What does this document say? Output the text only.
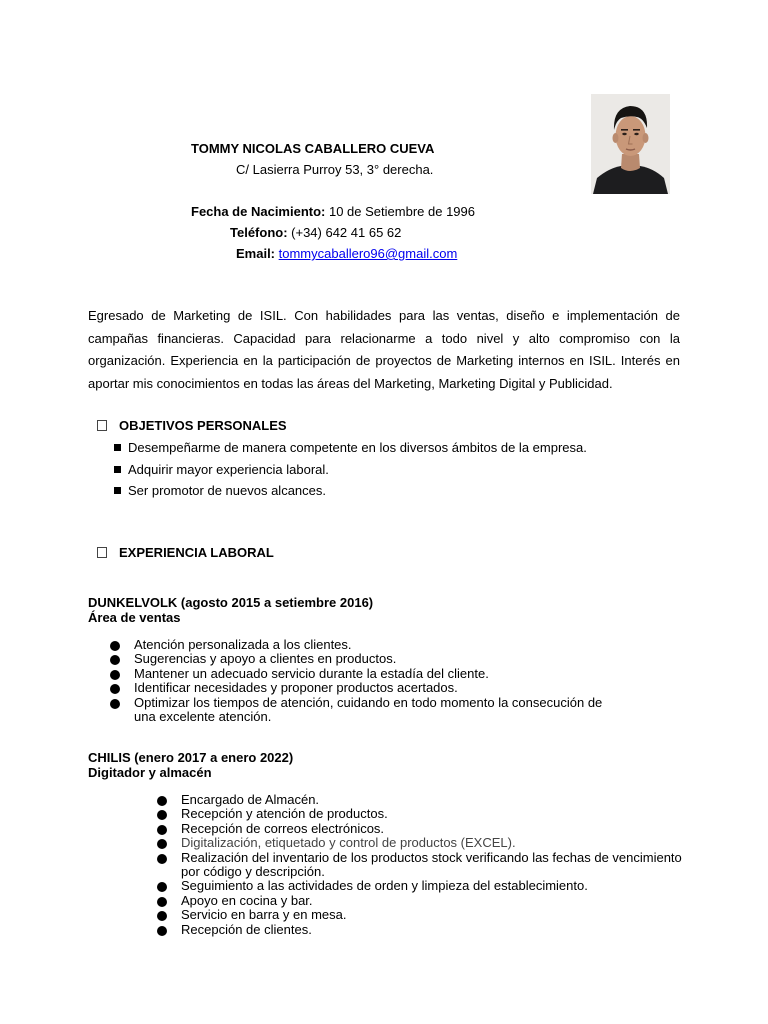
TOMMY NICOLAS CABALLERO CUEVA
C/ Lasierra Purroy 53, 3° derecha.
Fecha de Nacimiento: 10 de Setiembre de 1996
Teléfono: (+34) 642 41 65 62
Email: tommycaballero96@gmail.com
Egresado de Marketing de ISIL. Con habilidades para las ventas, diseño e implementación de campañas financieras. Capacidad para relacionarme a todo nivel y alto compromiso con la organización. Experiencia en la participación de proyectos de Marketing internos en ISIL. Interés en aportar mis conocimientos en todas las áreas del Marketing, Marketing Digital y Publicidad.
OBJETIVOS PERSONALES
Desempeñarme de manera competente en los diversos ámbitos de la empresa.
Adquirir mayor experiencia laboral.
Ser promotor de nuevos alcances.
EXPERIENCIA LABORAL
DUNKELVOLK (agosto 2015 a setiembre 2016)
Área de ventas
Atención personalizada a los clientes.
Sugerencias y apoyo a clientes en productos.
Mantener un adecuado servicio durante la estadía del cliente.
Identificar necesidades y proponer productos acertados.
Optimizar los tiempos de atención, cuidando en todo momento la consecución de una excelente atención.
CHILIS (enero 2017 a enero 2022)
Digitador y almacén
Encargado de Almacén.
Recepción y atención de productos.
Recepción de correos electrónicos.
Digitalización, etiquetado y control de productos (EXCEL).
Realización del inventario de los productos stock verificando las fechas de vencimiento por código y descripción.
Seguimiento a las actividades de orden y limpieza del establecimiento.
Apoyo en cocina y bar.
Servicio en barra y en mesa.
Recepción de clientes.
